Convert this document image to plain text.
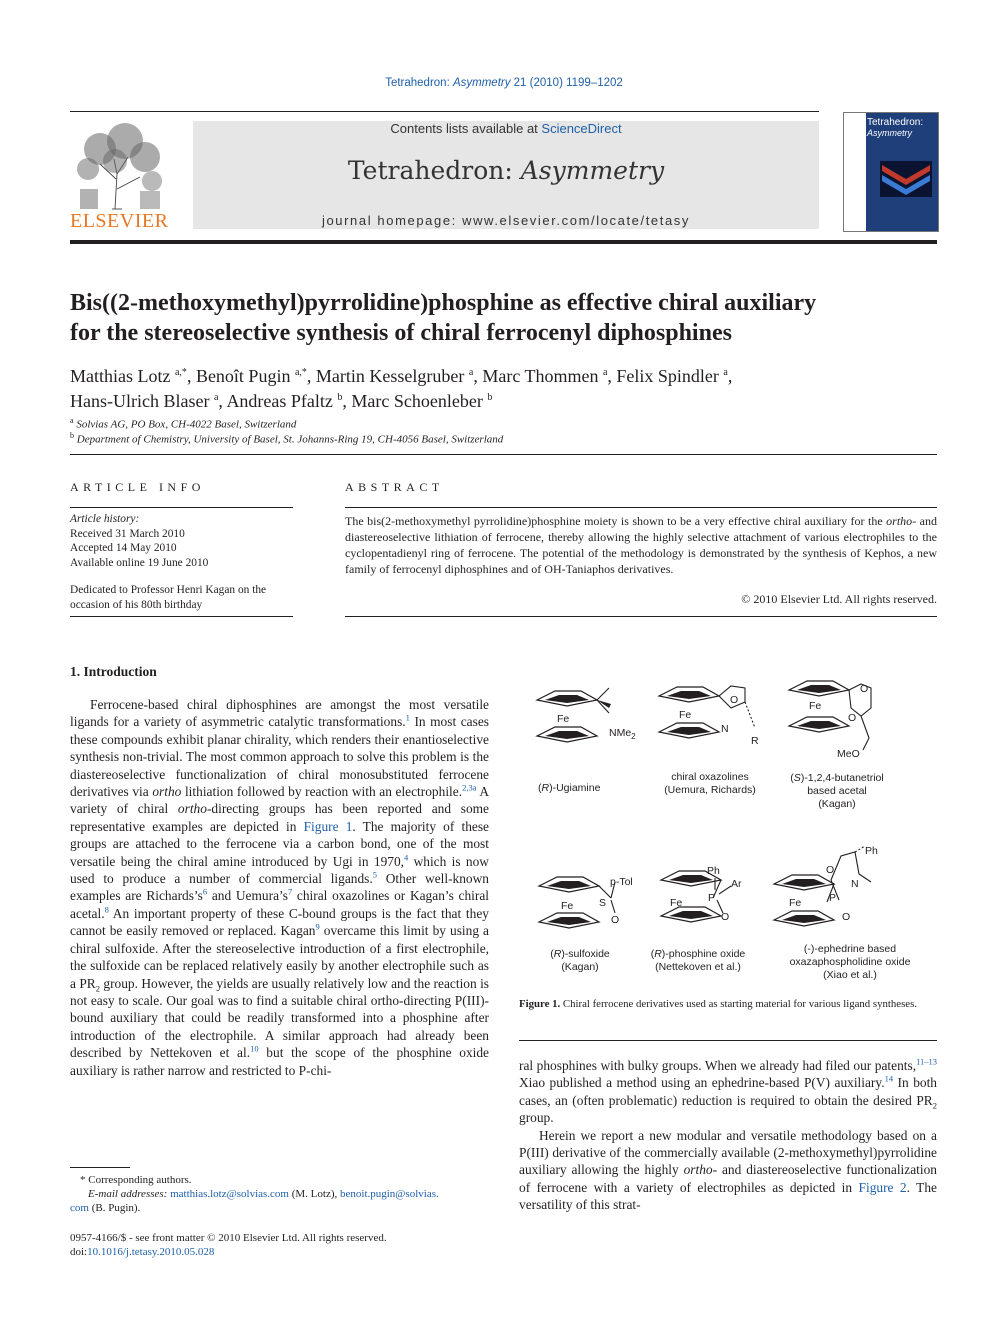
Tetrahedron: Asymmetry 21 (2010) 1199–1202
ELSEVIER
Contents lists available at ScienceDirect
Tetrahedron: Asymmetry
journal homepage: www.elsevier.com/locate/tetasy
Tetrahedron:
Asymmetry
Bis((2-methoxymethyl)pyrrolidine)phosphine as effective chiral auxiliary
for the stereoselective synthesis of chiral ferrocenyl diphosphines
Matthias Lotz $^{a,*}$, Benoît Pugin $^{a,*}$, Martin Kesselgruber $^a$, Marc Thommen $^a$, Felix Spindler $^a$,
Hans-Ulrich Blaser $^a$, Andreas Pfaltz $^b$, Marc Schoenleber $^b$
$^a$ Solvias AG, PO Box, CH-4022 Basel, Switzerland
$^b$ Department of Chemistry, University of Basel, St. Johanns-Ring 19, CH-4056 Basel, Switzerland
ARTICLE INFO
Article history:
Received 31 March 2010
Accepted 14 May 2010
Available online 19 June 2010
Dedicated to Professor Henri Kagan on the
occasion of his 80th birthday
ABSTRACT
The bis(2-methoxymethyl pyrrolidine)phosphine moiety is shown to be a very effective chiral auxiliary for the ortho- and diastereoselective lithiation of ferrocene, thereby allowing the highly selective attachment of various electrophiles to the cyclopentadienyl ring of ferrocene. The potential of the methodology is demonstrated by the synthesis of Kephos, a new family of ferrocenyl diphosphines and of OH-Taniaphos derivatives.
© 2010 Elsevier Ltd. All rights reserved.
1. Introduction

Ferrocene-based chiral diphosphines are amongst the most versatile ligands for a variety of asymmetric catalytic transformations.$^1$ In most cases these compounds exhibit planar chirality, which renders their enantioselective synthesis non-trivial. The most common approach to solve this problem is the diastereoselective functionalization of chiral monosubstituted ferrocene derivatives via ortho lithiation followed by reaction with an electrophile.$^{2,3a}$ A variety of chiral ortho-directing groups has been reported and some representative examples are depicted in Figure 1. The majority of these groups are attached to the ferrocene via a carbon bond, one of the most versatile being the chiral amine introduced by Ugi in 1970,$^4$ which is now used to produce a number of commercial ligands.$^5$ Other well-known examples are $Richards’s^6$ and $Uemura’s^7$ chiral oxazolines or Kagan’s chiral acetal.$^8$ An important property of these C-bound groups is the fact that they cannot be easily removed or replaced. Kagan$^9$ overcame this limit by using a chiral sulfoxide. After the stereoselective introduction of a first electrophile, the sulfoxide can be replaced relatively easily by another electrophile such as a $PR_2$ group. However, the yields are usually relatively low and the reaction is not easy to scale. Our goal was to find a suitable chiral ortho-directing P(III)-bound auxiliary that could be readily transformed into a phosphine after introduction of the electrophile. A similar approach had already been described by Nettekoven et al.$^{10}$ but the scope of the phosphine oxide auxiliary is rather narrow and restricted to P-chi-

Fe
NMe$_2$
(R)-Ugiamine
Fe
O
N
R
chiral oxazolines
(Uemura, Richards)
Fe
O
O
MeO
(S)-1,2,4-butanetriol
based acetal
(Kagan)
Fe
p-Tol
S
O
(R)-sulfoxide
(Kagan)
Fe
Ph
Ar
P
O
(R)-phosphine oxide
(Nettekoven et al.)
Fe
Ph
O
N
P
O
(-)-ephedrine based
oxazaphospholidine oxide
(Xiao et al.)
Figure 1. Chiral ferrocene derivatives used as starting material for various ligand syntheses.

ral phosphines with bulky groups. When we already had filed our patents,$^{11-13}$ Xiao published a method using an ephedrine-based P(V) auxiliary.$^{14}$ In both cases, an (often problematic) reduction is required to obtain the desired $PR_2$ group.

Herein we report a new modular and versatile methodology based on a P(III) derivative of the commercially available (2-methoxymethyl)pyrrolidine auxiliary allowing the highly ortho- and diastereoselective functionalization of ferrocene with a variety of electrophiles as depicted in Figure 2. The versatility of this strat-

* Corresponding authors.
E-mail addresses: matthias.lotz@solvias.com (M. Lotz), benoit.pugin@solvias.
com (B. Pugin).
0957-4166/$ - see front matter © 2010 Elsevier Ltd. All rights reserved.
doi:10.1016/j.tetasy.2010.05.028
